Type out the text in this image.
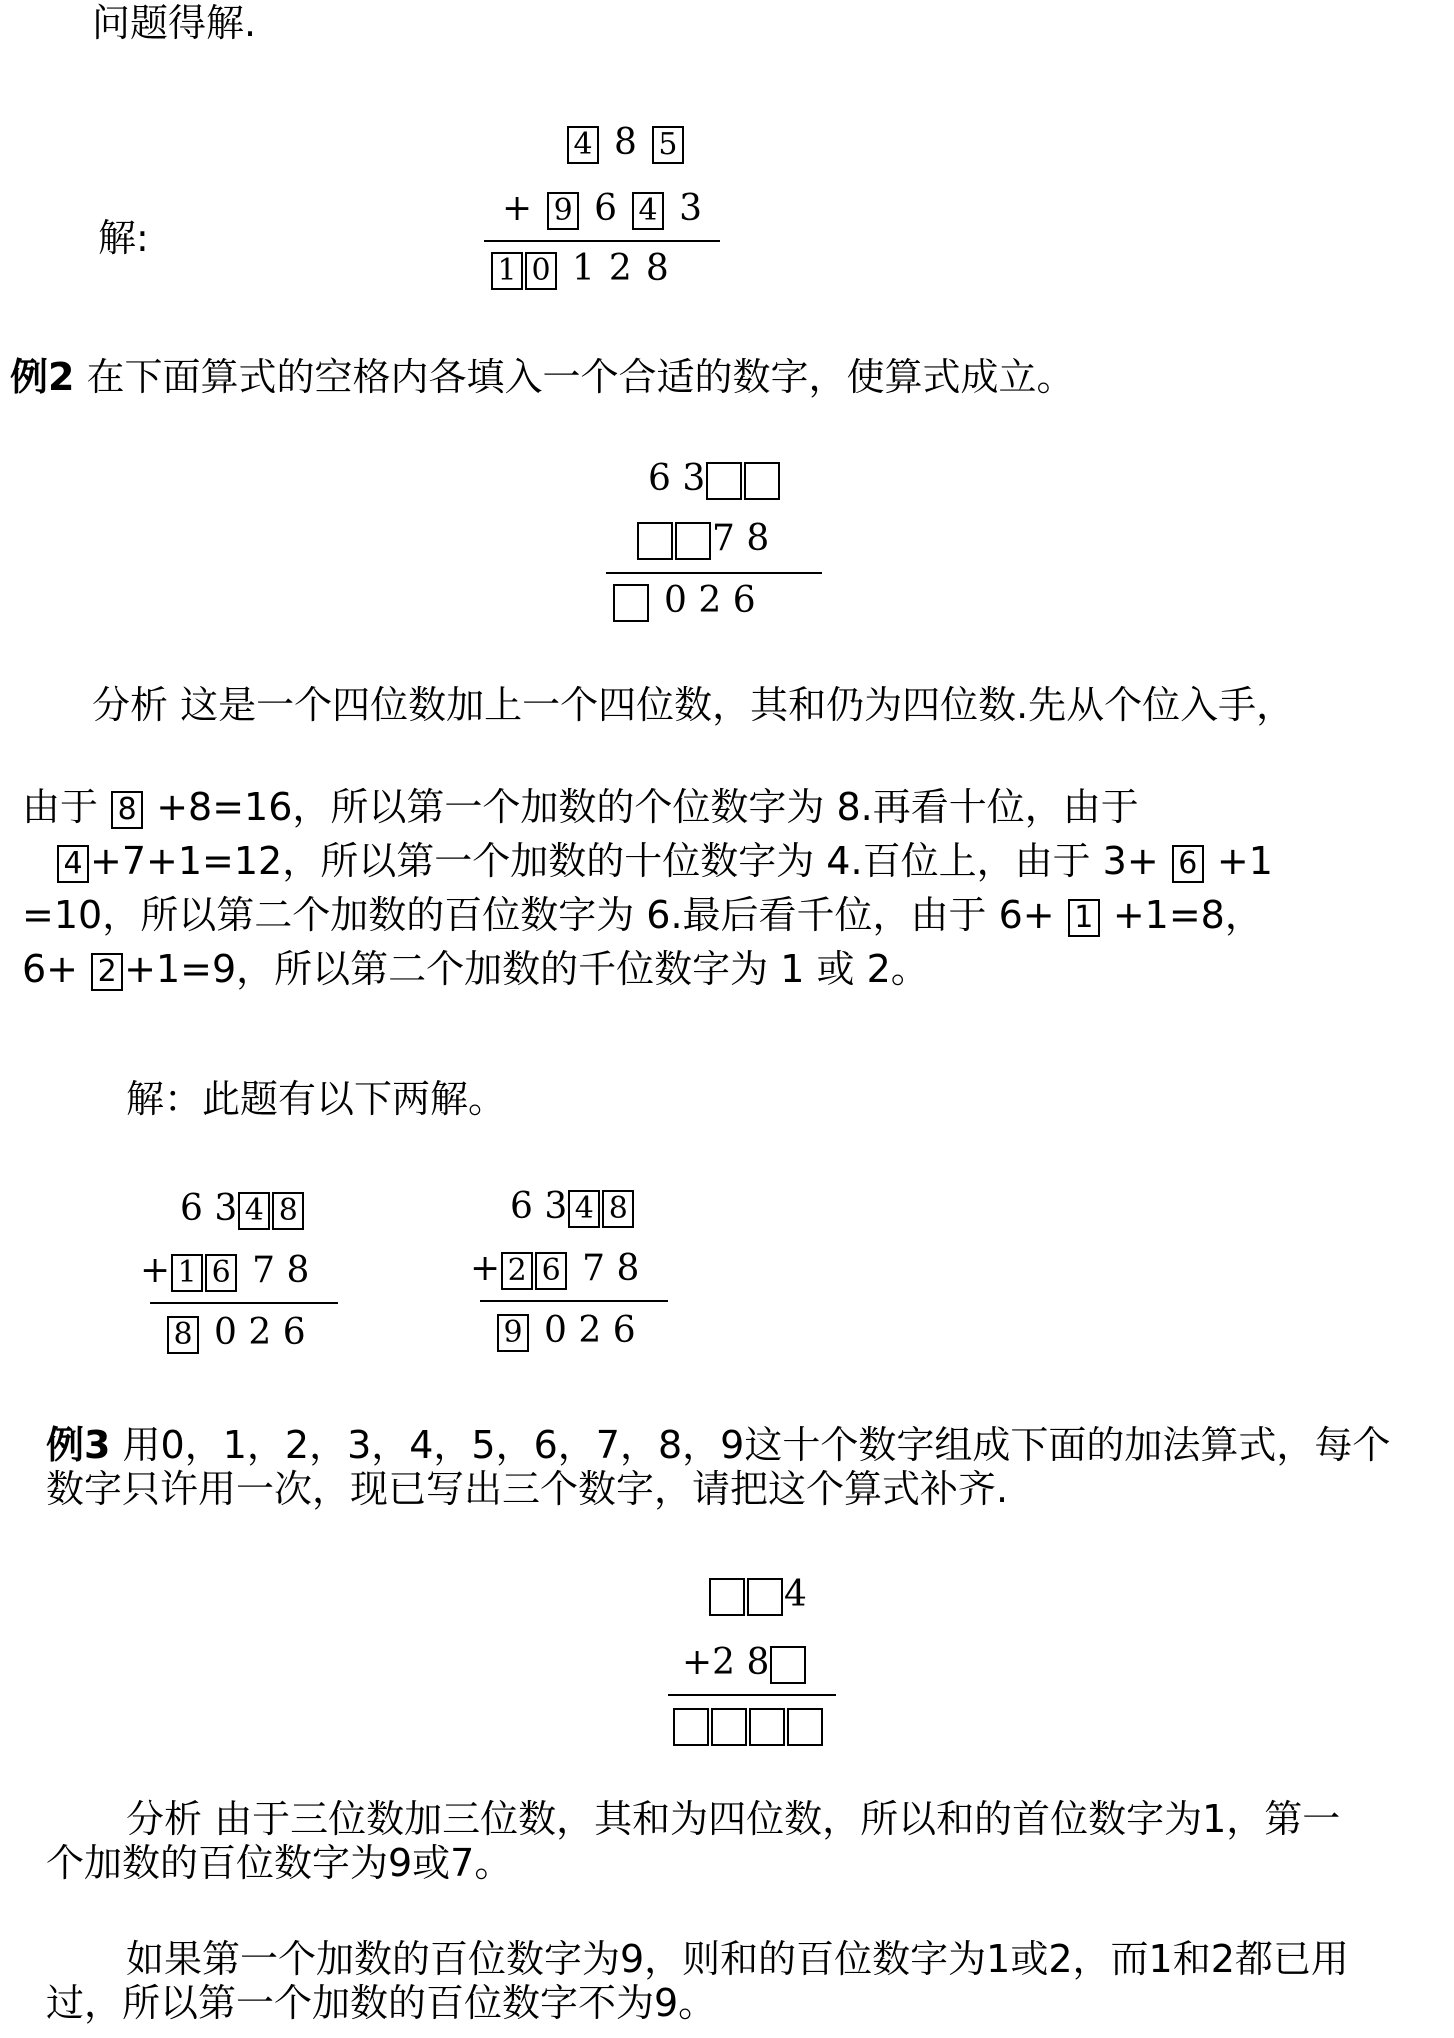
问题得解.
解:
4 8 5
+ 9 6 4 3
1 0 1 2 8
例2 在下面算式的空格内各填入一个合适的数字，使算式成立。
6 3
7 8
0 2 6
分析 这是一个四位数加上一个四位数，其和仍为四位数.先从个位入手，
由于 8 +8=16，所以第一个加数的个位数字为 8.再看十位，由于
4 +7+1=12，所以第一个加数的十位数字为 4.百位上，由于 3+ 6 +1
=10，所以第二个加数的百位数字为 6.最后看千位，由于 6+ 1 +1=8，
6+ 2 +1=9，所以第二个加数的千位数字为 1 或 2。
解：此题有以下两解。
6 3 4 8
+ 1 6 7 8
8 0 2 6
6 3 4 8
+ 2 6 7 8
9 0 2 6
例3 用0，1，2，3，4，5，6，7，8，9这十个数字组成下面的加法算式，每个
数字只许用一次，现已写出三个数字，请把这个算式补齐.
4
+2 8
分析 由于三位数加三位数，其和为四位数，所以和的首位数字为1，第一
个加数的百位数字为9或7。
如果第一个加数的百位数字为9，则和的百位数字为1或2，而1和2都已用
过，所以第一个加数的百位数字不为9。
